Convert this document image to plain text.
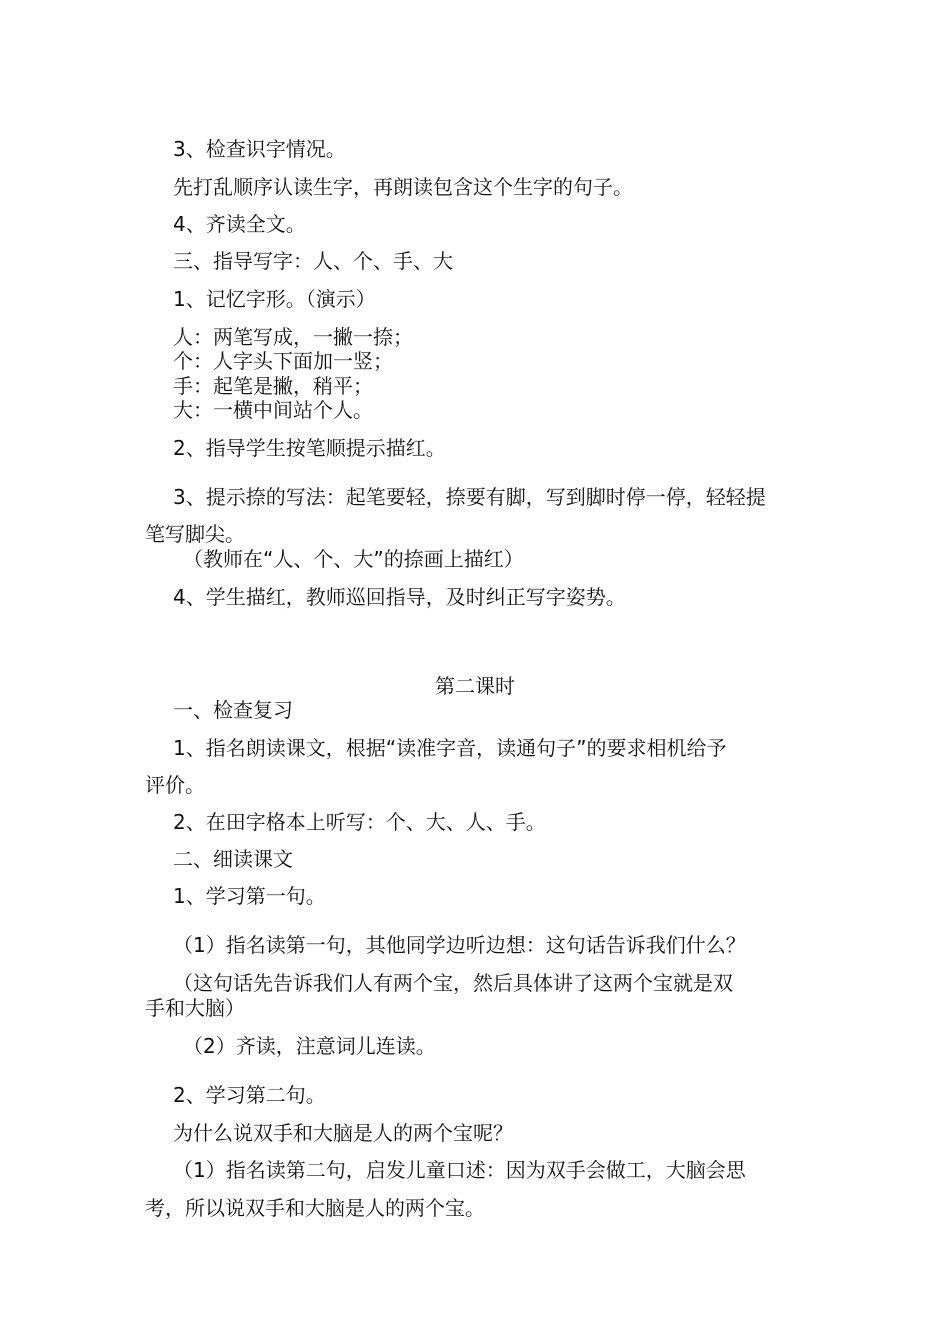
3、检查识字情况。

先打乱顺序认读生字，再朗读包含这个生字的句子。

4、齐读全文。

三、指导写字：人、个、手、大

1、记忆字形。（演示）

人：两笔写成，一撇一捺；

个：人字头下面加一竖；

手：起笔是撇，稍平；

大：一横中间站个人。

2、指导学生按笔顺提示描红。

3、提示捺的写法：起笔要轻，捺要有脚，写到脚时停一停，轻轻提

笔写脚尖。

（教师在“人、个、大”的捺画上描红）

4、学生描红，教师巡回指导，及时纠正写字姿势。

第二课时

一、检查复习

1、指名朗读课文，根据“读准字音，读通句子”的要求相机给予

评价。

2、在田字格本上听写：个、大、人、手。

二、细读课文

1、学习第一句。

（1）指名读第一句，其他同学边听边想：这句话告诉我们什么？

（这句话先告诉我们人有两个宝，然后具体讲了这两个宝就是双

手和大脑）

（2）齐读，注意词儿连读。

2、学习第二句。

为什么说双手和大脑是人的两个宝呢？

（1）指名读第二句，启发儿童口述：因为双手会做工，大脑会思

考，所以说双手和大脑是人的两个宝。
